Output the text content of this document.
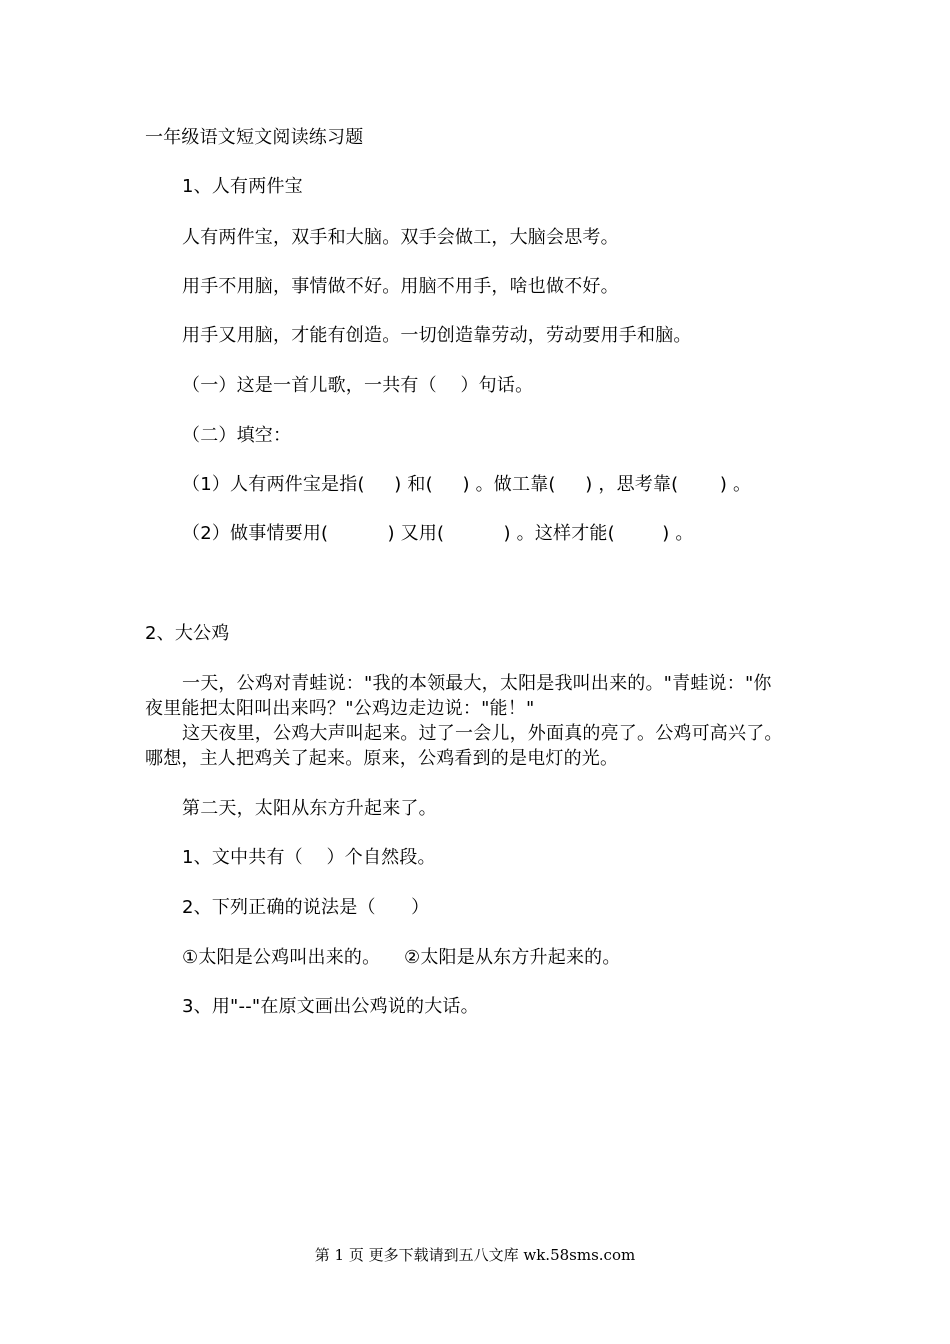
一年级语文短文阅读练习题
1、人有两件宝
人有两件宝，双手和大脑。双手会做工，大脑会思考。
用手不用脑，事情做不好。用脑不用手，啥也做不好。
用手又用脑，才能有创造。一切创造靠劳动，劳动要用手和脑。
（一）这是一首儿歌，一共有（    ）句话。
（二）填空：
（1）人有两件宝是指(     ) 和(     ) 。做工靠(     ) ，思考靠(       ) 。
（2）做事情要用(          ) 又用(          ) 。这样才能(        ) 。
2、大公鸡
一天，公鸡对青蛙说："我的本领最大，太阳是我叫出来的。"青蛙说："你
夜里能把太阳叫出来吗？"公鸡边走边说："能！"
这天夜里，公鸡大声叫起来。过了一会儿，外面真的亮了。公鸡可高兴了。
哪想，主人把鸡关了起来。原来，公鸡看到的是电灯的光。
第二天，太阳从东方升起来了。
1、文中共有（    ）个自然段。
2、下列正确的说法是（      ）
①太阳是公鸡叫出来的。    ②太阳是从东方升起来的。
3、用"--"在原文画出公鸡说的大话。
第 1 页 更多下载请到五八文库 wk.58sms.com
